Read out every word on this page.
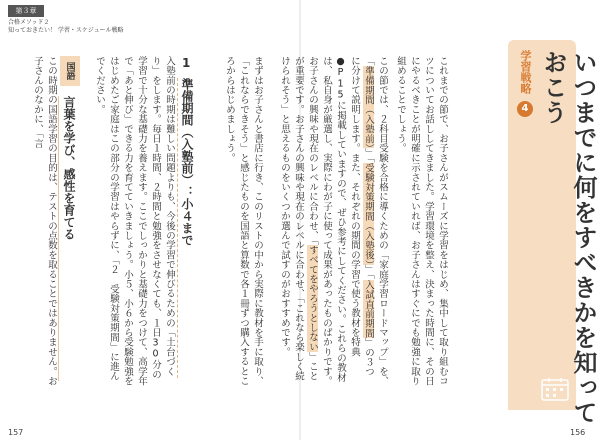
第３章
合格メソッド２
知っておきたい！ 学習・スケジュール戦略
1
準備期間（入塾前）：小４まで
入塾前の時期は難しい問題よりも、今後の学習で伸びるための「土台づくり」をします。毎日１時間、２時間と勉強をさせなくても、１日30分の学習で十分な基礎力を養えます。ここでしっかりと基礎力をつけて、高学年で「あと伸び」できる力を育てていきましょう。小５、小６から受験勉強をはじめたご家庭はこの部分の学習はやらずに、「２　受験対策期間」に進んでください。
国語
言葉を学び、感性を育てる
この時期の国語学習の目的は、テストの点数を取ることではありません。お子さんのなかに、「言
157
学習戦略
4	いつまでに何をすべきかを知っておこう
これまでの節で、お子さんがスムーズに学習をはじめ、集中して取り組むコツについてお話ししてきました。学習環境を整え、決まった時間に、その日にやるべきことが明確に示されていれば、お子さんはすぐにでも勉強に取り組めることでしょう。
この節では、２科目受験を合格に導くための「家庭学習ロードマップ」を、「準備期間（入塾前）」「受験対策期間（入塾後）」「入試直前期間」の３つに分けて説明します。また、それぞれの期間の学習で使う教材を特典●P15に掲載していますので、ぜひ参考にしてください。これらの教材は、私自身が厳選し、実際にわが子に使って成果があったものばかりです。お子さんの興味や現在のレベルに合わせ、「すべてをやろうとしない」ことが重要です。お子さんの興味や現在のレベルに合わせ、「これなら楽しく続けられそう」と思えるものをいくつか選んで試すのがおすすめです。
まずはお子さんと書店に行き、このリストの中から実際に教材を手に取り、「これならできそう」と感じたものを国語と算数で各１冊ずつ購入するところからはじめましょう。
156
